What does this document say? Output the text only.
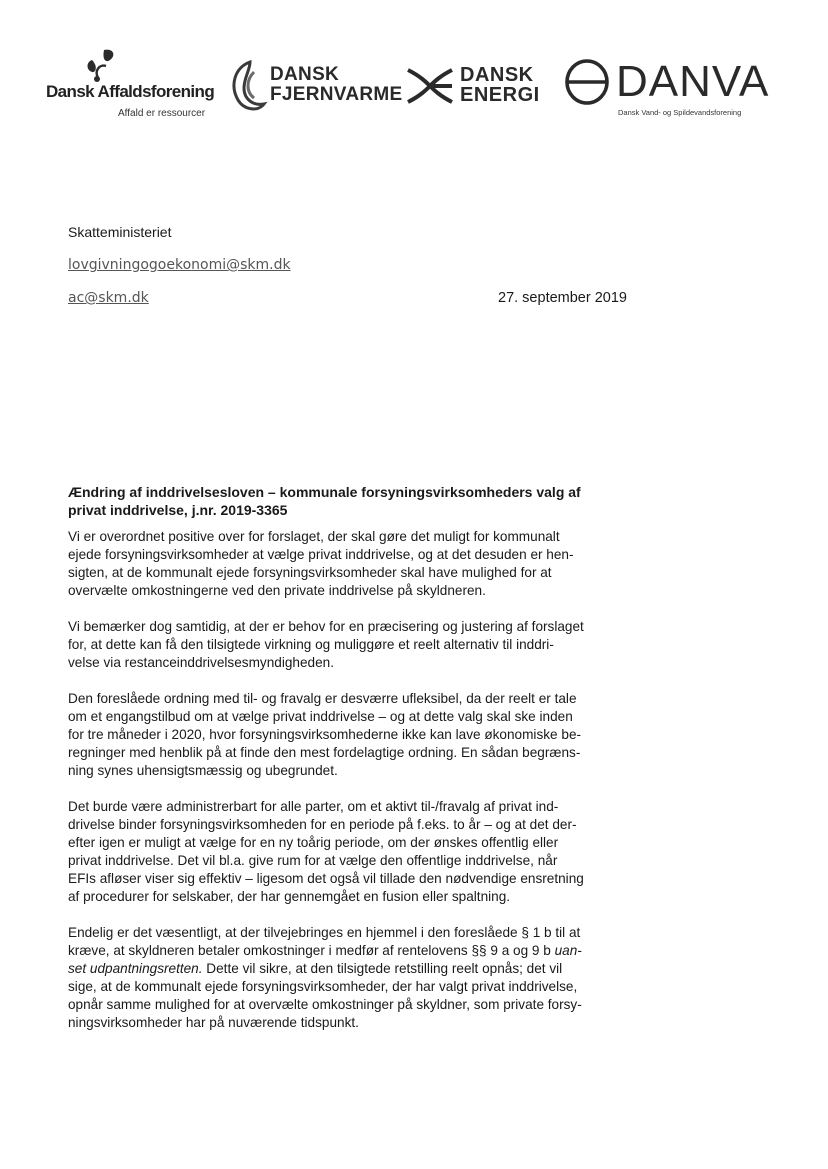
Dansk Affaldsforening
Affald er ressourcer
DANSK
FJERNVARME
DANSK
ENERGI DANVA
Dansk Vand- og Spildevandsforening
Skatteministeriet
lovgivningogoekonomi@skm.dk
ac@skm.dk	27. september 2019
Ændring af inddrivelsesloven – kommunale forsyningsvirksomheders valg af
privat inddrivelse, j.nr. 2019-3365
Vi er overordnet positive over for forslaget, der skal gøre det muligt for kommunalt
ejede forsyningsvirksomheder at vælge privat inddrivelse, og at det desuden er hen-
sigten, at de kommunalt ejede forsyningsvirksomheder skal have mulighed for at
overvælte omkostningerne ved den private inddrivelse på skyldneren.
Vi bemærker dog samtidig, at der er behov for en præcisering og justering af forslaget
for, at dette kan få den tilsigtede virkning og muliggøre et reelt alternativ til inddri-
velse via restanceinddrivelsesmyndigheden.
Den foreslåede ordning med til- og fravalg er desværre ufleksibel, da der reelt er tale
om et engangstilbud om at vælge privat inddrivelse – og at dette valg skal ske inden
for tre måneder i 2020, hvor forsyningsvirksomhederne ikke kan lave økonomiske be-
regninger med henblik på at finde den mest fordelagtige ordning. En sådan begræns-
ning synes uhensigtsmæssig og ubegrundet.
Det burde være administrerbart for alle parter, om et aktivt til-/fravalg af privat ind-
drivelse binder forsyningsvirksomheden for en periode på f.eks. to år – og at det der-
efter igen er muligt at vælge for en ny toårig periode, om der ønskes offentlig eller
privat inddrivelse. Det vil bl.a. give rum for at vælge den offentlige inddrivelse, når
EFIs afløser viser sig effektiv – ligesom det også vil tillade den nødvendige ensretning
af procedurer for selskaber, der har gennemgået en fusion eller spaltning.
Endelig er det væsentligt, at der tilvejebringes en hjemmel i den foreslåede § 1 b til at
kræve, at skyldneren betaler omkostninger i medfør af rentelovens §§ 9 a og 9 b uan-
set udpantningsretten. Dette vil sikre, at den tilsigtede retstilling reelt opnås; det vil
sige, at de kommunalt ejede forsyningsvirksomheder, der har valgt privat inddrivelse,
opnår samme mulighed for at overvælte omkostninger på skyldner, som private forsy-
ningsvirksomheder har på nuværende tidspunkt.
